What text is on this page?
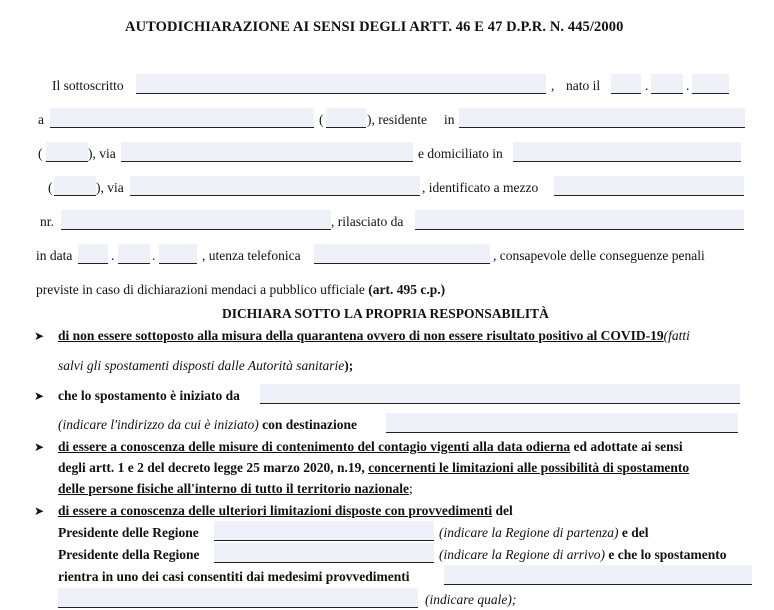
AUTODICHIARAZIONE AI SENSI DEGLI ARTT. 46 E 47 D.P.R. N. 445/2000
Il sottoscritto	, nato il	.	.
a	(	), residente in
(	), via	e domiciliato in
(	), via	, identificato a mezzo
nr.	, rilasciato da
in data	.	.	, utenza telefonica	, consapevole delle conseguenze penali
previste in caso di dichiarazioni mendaci a pubblico ufficiale (art. 495 c.p.)
DICHIARA SOTTO LA PROPRIA RESPONSABILITÀ
➤ di non essere sottoposto alla misura della quarantena ovvero di non essere risultato positivo al COVID-19(fatti
salvi gli spostamenti disposti dalle Autorità sanitarie);
➤ che lo spostamento è iniziato da
(indicare l'indirizzo da cui è iniziato) con destinazione
➤ di essere a conoscenza delle misure di contenimento del contagio vigenti alla data odierna ed adottate ai sensi
degli artt. 1 e 2 del decreto legge 25 marzo 2020, n.19, concernenti le limitazioni alle possibilità di spostamento
delle persone fisiche all'interno di tutto il territorio nazionale;
➤ di essere a conoscenza delle ulteriori limitazioni disposte con provvedimenti del
Presidente delle Regione	(indicare la Regione di partenza) e del
Presidente della Regione	(indicare la Regione di arrivo) e che lo spostamento
rientra in uno dei casi consentiti dai medesimi provvedimenti
(indicare quale);
